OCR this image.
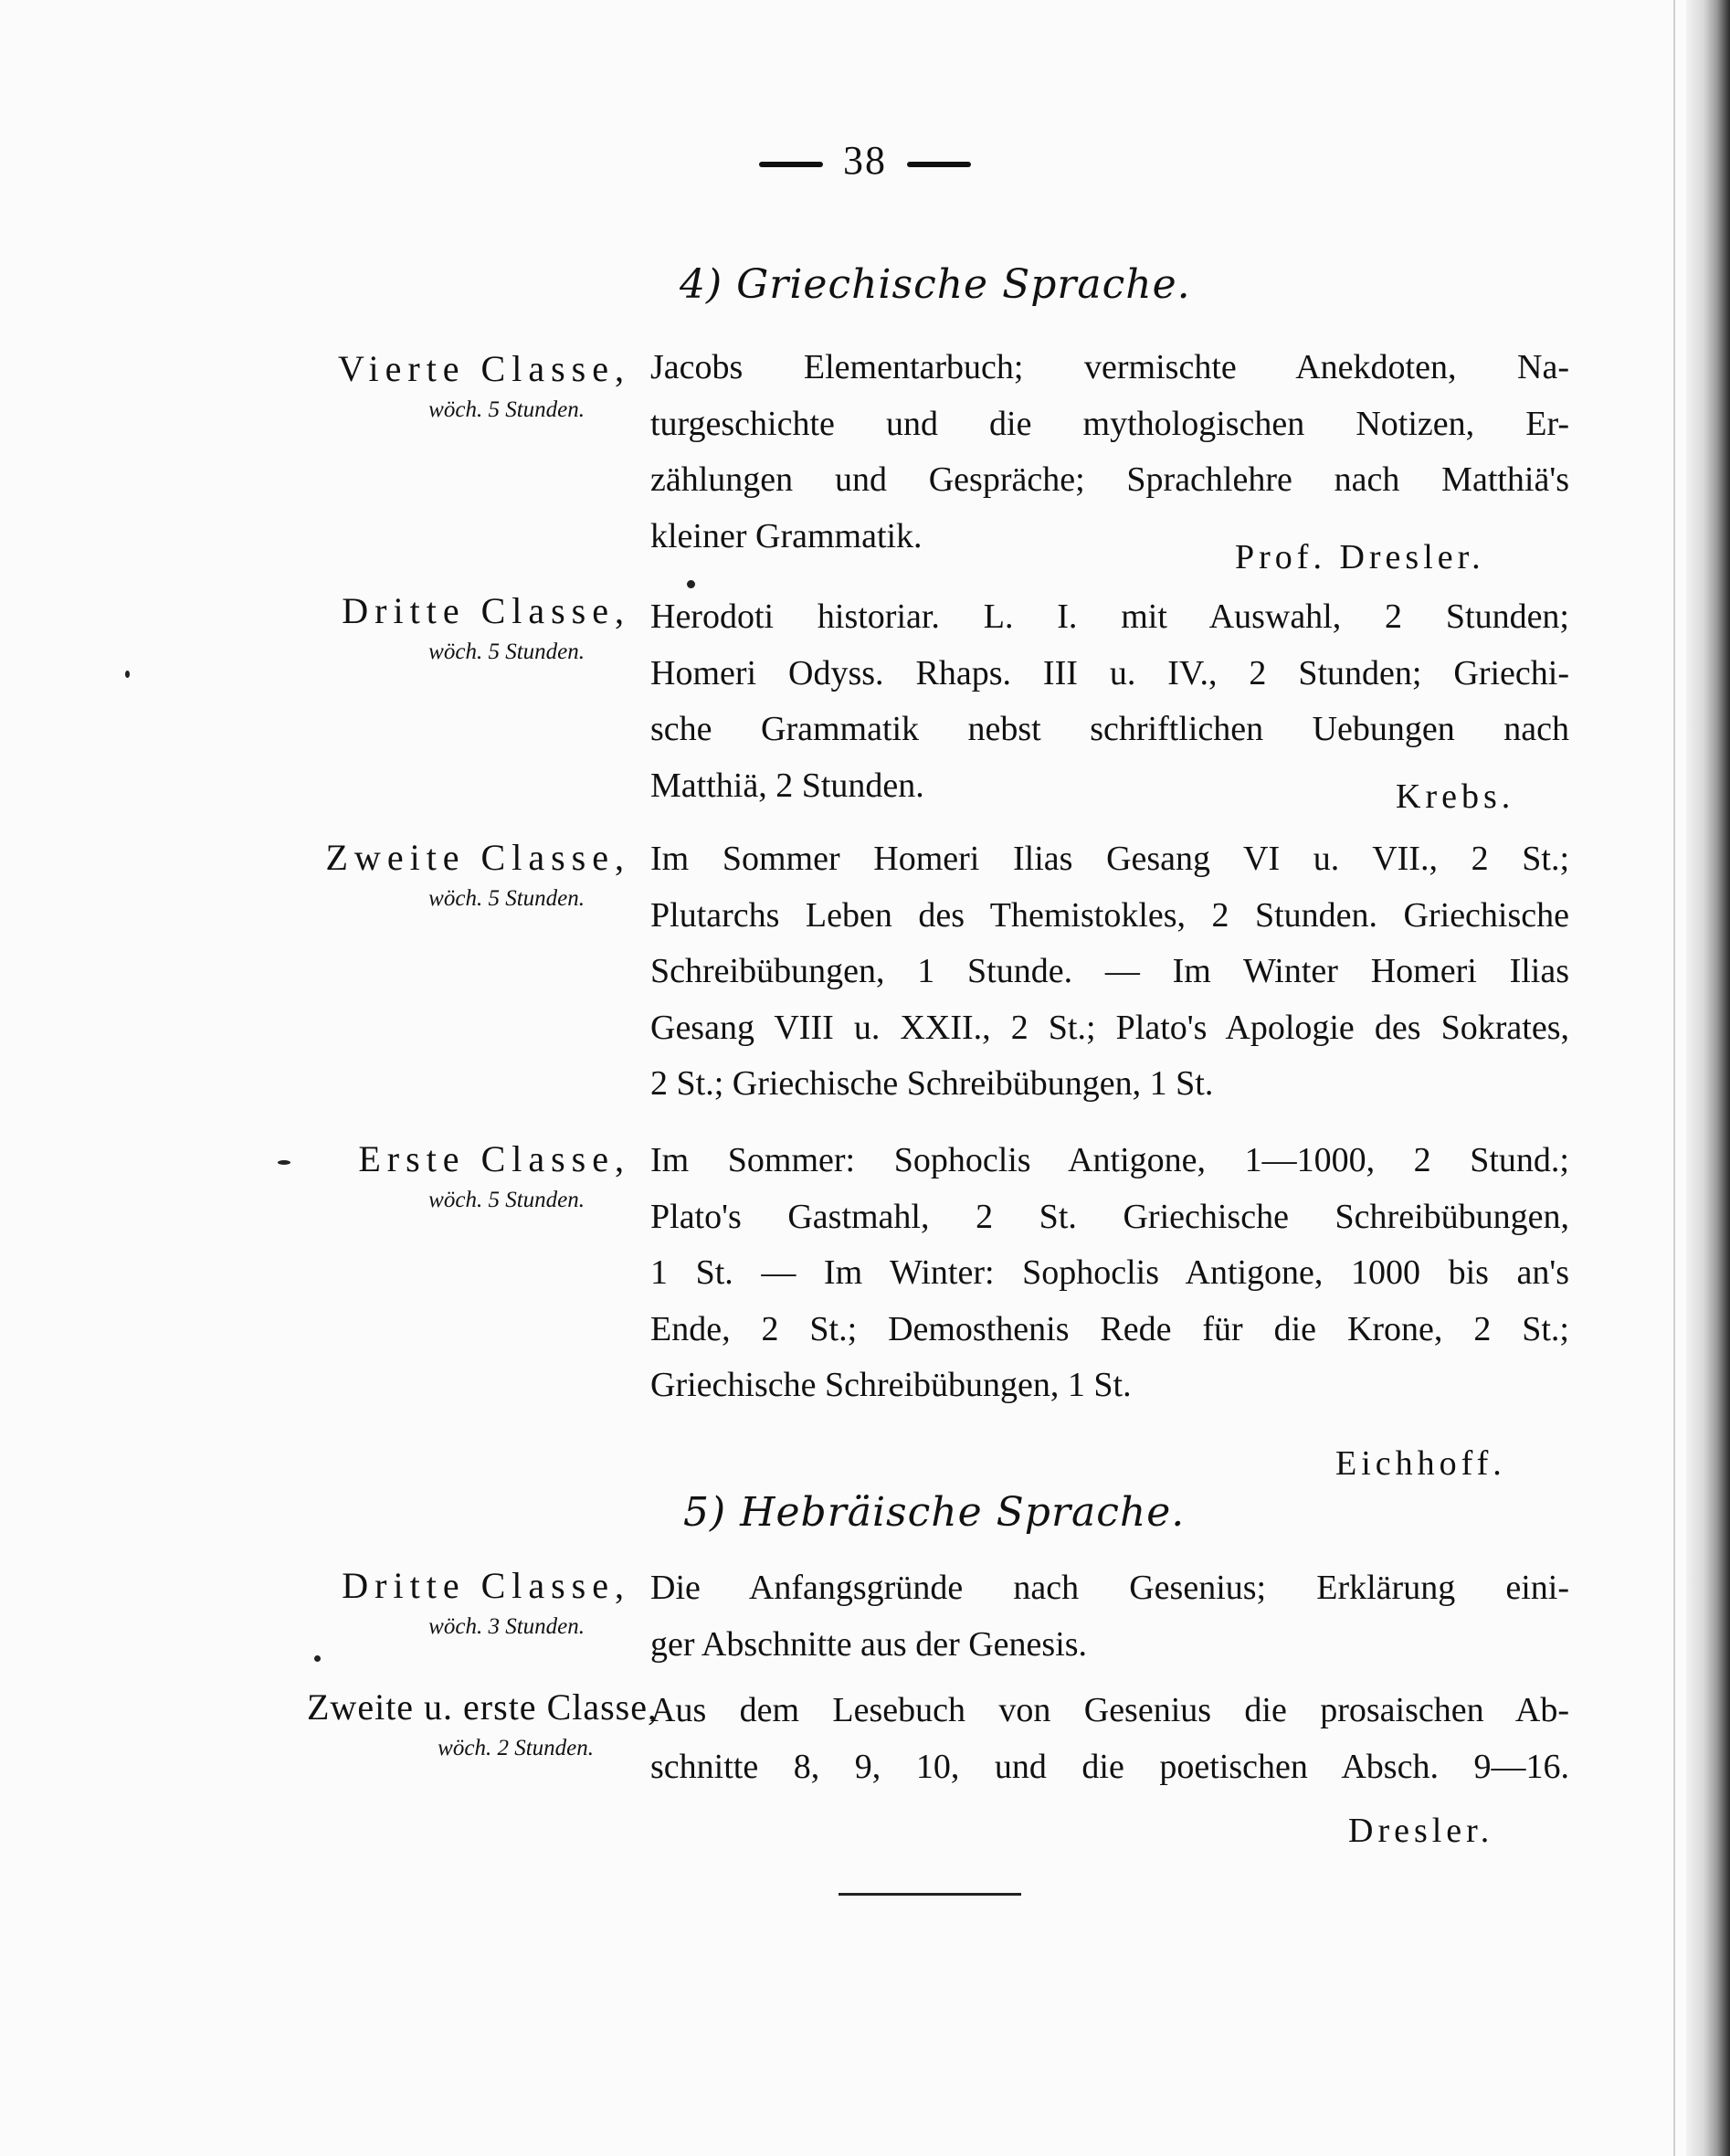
38
4) Griechische Sprache.
Vierte Classe,
wöch. 5 Stunden.
Jacobs Elementarbuch; vermischte Anekdoten, Na-
turgeschichte und die mythologischen Notizen, Er-
zählungen und Gespräche; Sprachlehre nach Matthiä's
kleiner Grammatik.
Prof. Dresler.
Dritte Classe,
wöch. 5 Stunden.
Herodoti historiar. L. I. mit Auswahl, 2 Stunden;
Homeri Odyss. Rhaps. III u. IV., 2 Stunden; Griechi-
sche Grammatik nebst schriftlichen Uebungen nach
Matthiä, 2 Stunden.	Krebs.
Zweite Classe,
wöch. 5 Stunden.
Im Sommer Homeri Ilias Gesang VI u. VII., 2 St.;
Plutarchs Leben des Themistokles, 2 Stunden. Griechische
Schreibübungen, 1 Stunde. — Im Winter Homeri Ilias
Gesang VIII u. XXII., 2 St.; Plato's Apologie des Sokrates,
2 St.; Griechische Schreibübungen, 1 St.
Erste Classe,
wöch. 5 Stunden.
Im Sommer: Sophoclis Antigone, 1—1000, 2 Stund.;
Plato's Gastmahl, 2 St. Griechische Schreibübungen,
1 St. — Im Winter: Sophoclis Antigone, 1000 bis an's
Ende, 2 St.; Demosthenis Rede für die Krone, 2 St.;
Griechische Schreibübungen, 1 St.
Eichhoff.
5) Hebräische Sprache.
Dritte Classe,
wöch. 3 Stunden.
Die Anfangsgründe nach Gesenius; Erklärung eini-
ger Abschnitte aus der Genesis.
Zweite u. erste Classe,
wöch. 2 Stunden.
Aus dem Lesebuch von Gesenius die prosaischen Ab-
schnitte 8, 9, 10, und die poetischen Absch. 9—16.
Dresler.
